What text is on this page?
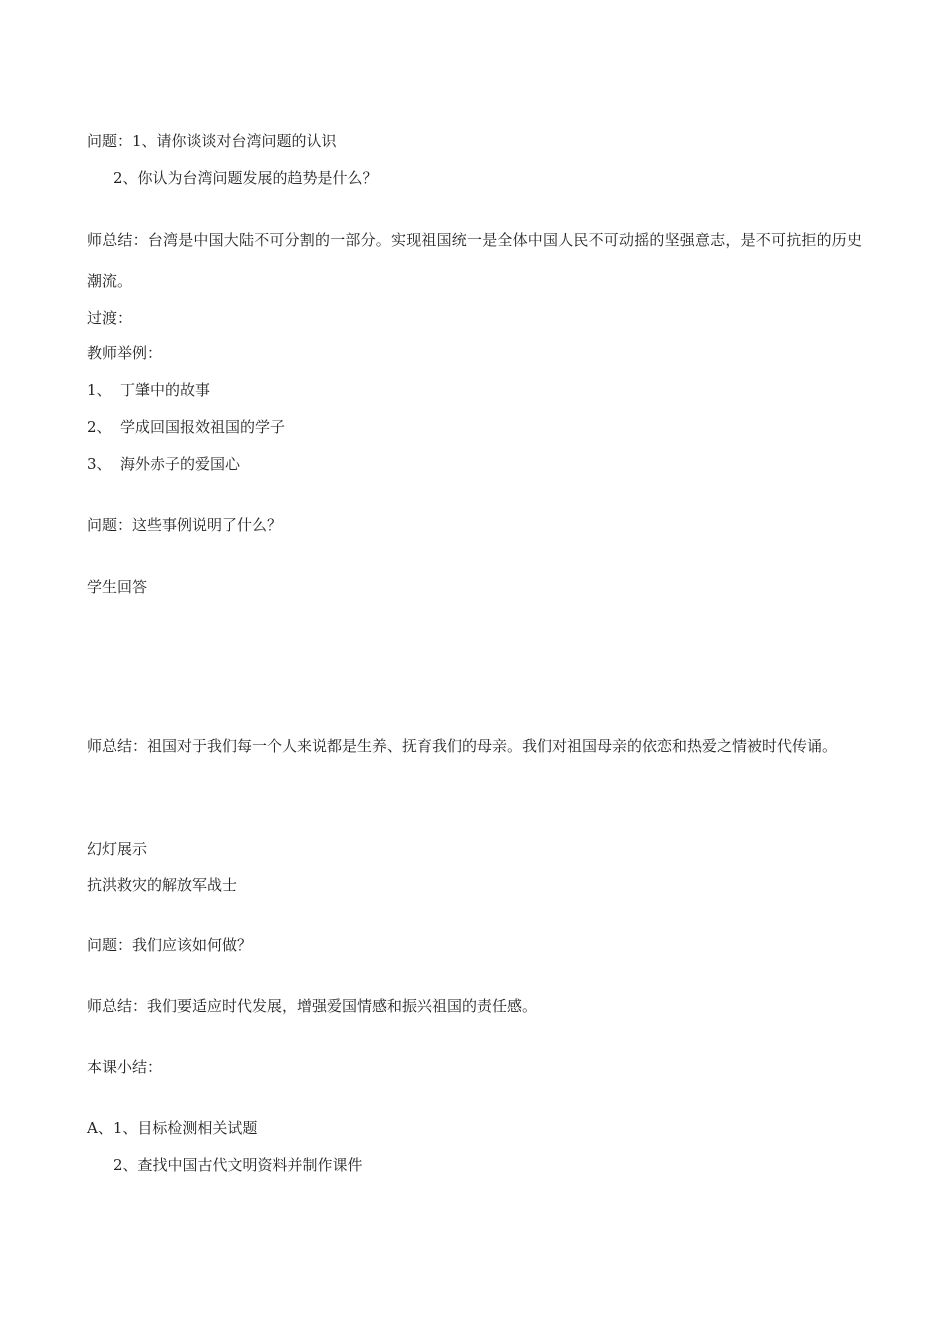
问题：1、请你谈谈对台湾问题的认识

2、你认为台湾问题发展的趋势是什么？

师总结：台湾是中国大陆不可分割的一部分。实现祖国统一是全体中国人民不可动摇的坚强意志，是不可抗拒的历史潮流。

过渡：

教师举例：

1、 丁肇中的故事
2、 学成回国报效祖国的学子
3、 海外赤子的爱国心

问题：这些事例说明了什么？

学生回答

师总结：祖国对于我们每一个人来说都是生养、抚育我们的母亲。我们对祖国母亲的依恋和热爱之情被时代传诵。

幻灯展示

抗洪救灾的解放军战士

问题：我们应该如何做？

师总结：我们要适应时代发展，增强爱国情感和振兴祖国的责任感。

本课小结：

A、1、目标检测相关试题

2、查找中国古代文明资料并制作课件
